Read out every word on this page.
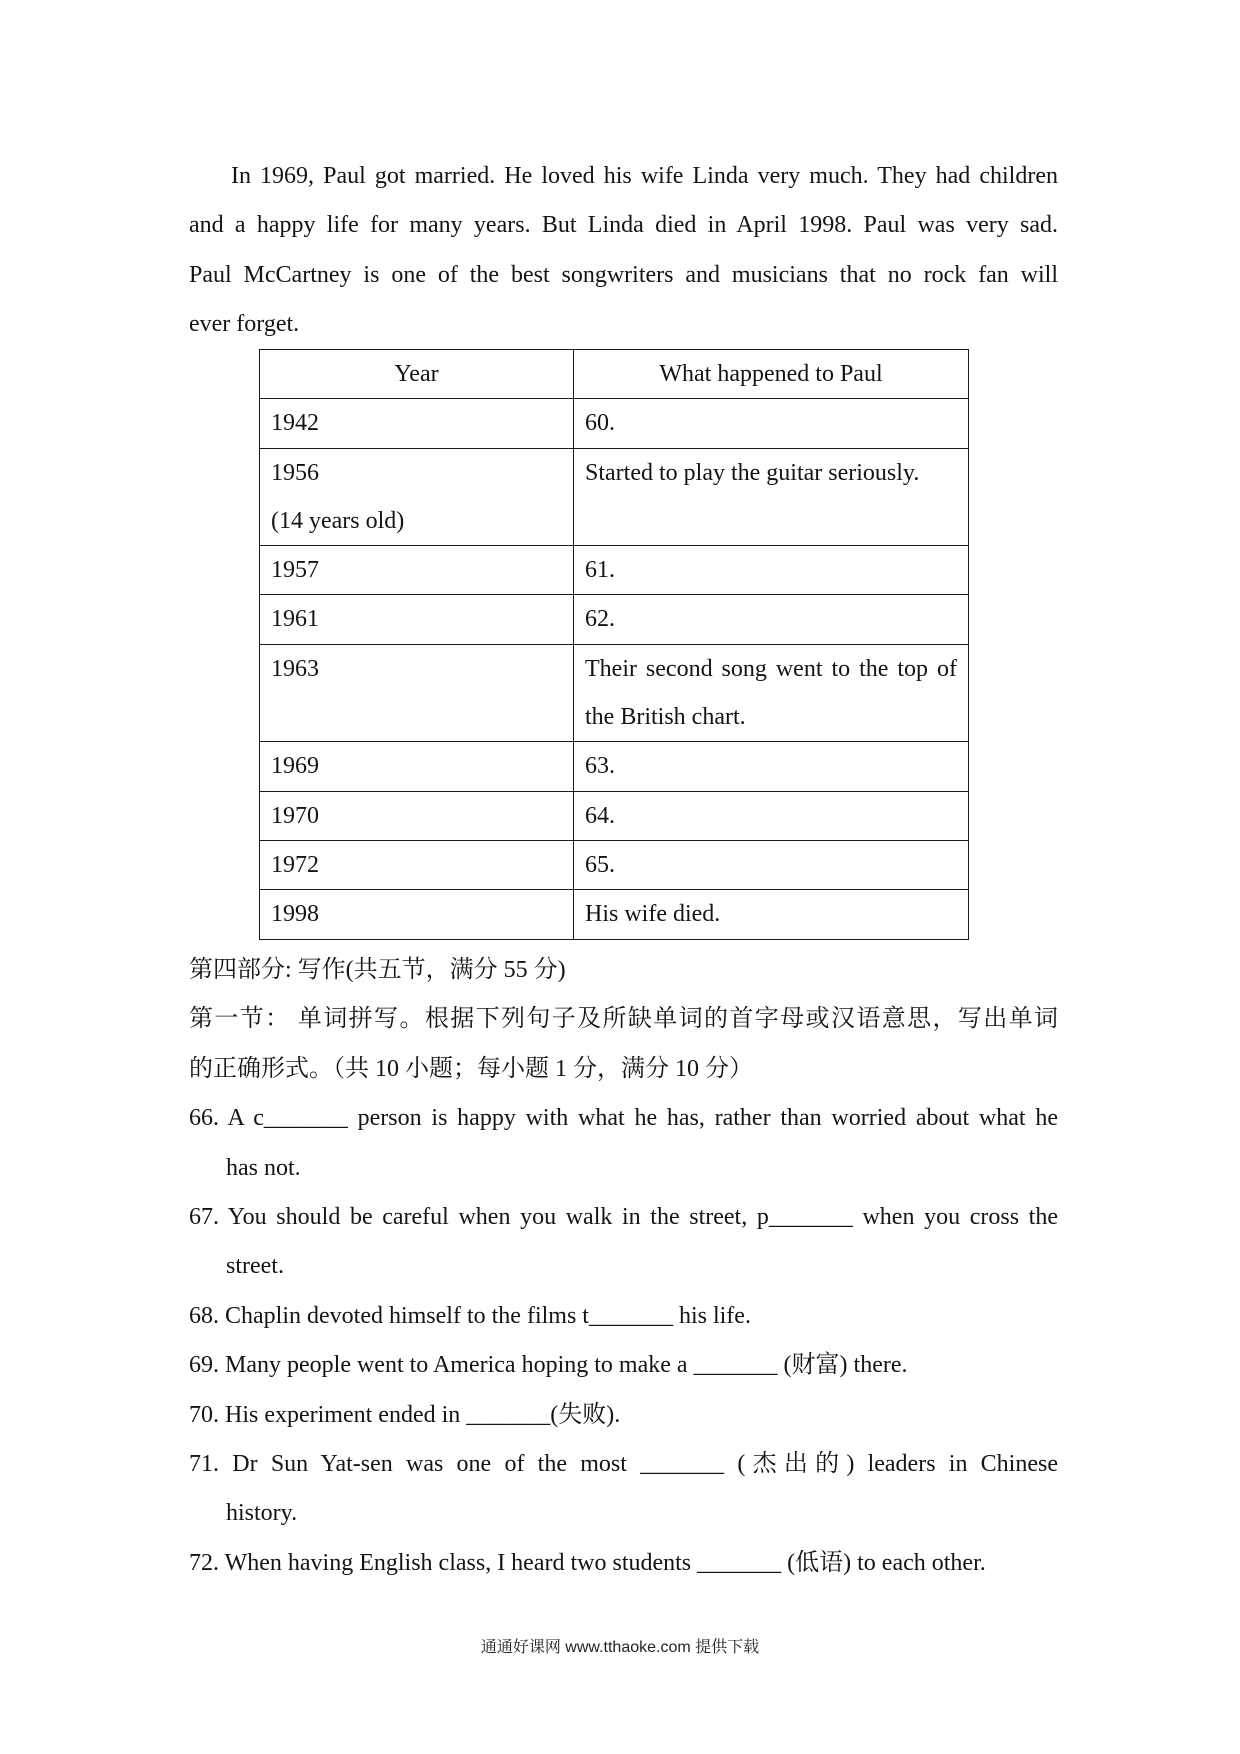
In 1969, Paul got married. He loved his wife Linda very much. They had children
and a happy life for many years. But Linda died in April 1998. Paul was very sad.
Paul McCartney is one of the best songwriters and musicians that no rock fan will
ever forget.
Year	What happened to Paul

1942	60.

1956
(14 years old)	Started to play the guitar seriously.

1957	61.

1961	62.

1963	Their second song went to the top of
the British chart.

1969	63.

1970	64.

1972	65.

1998	His wife died.
第四部分: 写作(共五节，满分 55 分)
第一节： 单词拼写。根据下列句子及所缺单词的首字母或汉语意思，写出单词
的正确形式。（共 10 小题；每小题 1 分，满分 10 分）
66. A c_______ person is happy with what he has, rather than worried about what he
has not.
67. You should be careful when you walk in the street, p_______ when you cross the
street.
68. Chaplin devoted himself to the films t_______ his life.
69. Many people went to America hoping to make a _______ (财富) there.
70. His experiment ended in _______(失败).
71. Dr Sun Yat-sen was one of the most _______ (杰出的) leaders in Chinese
history.
72. When having English class, I heard two students _______ (低语) to each other.
通通好课网 www.tthaoke.com 提供下载
